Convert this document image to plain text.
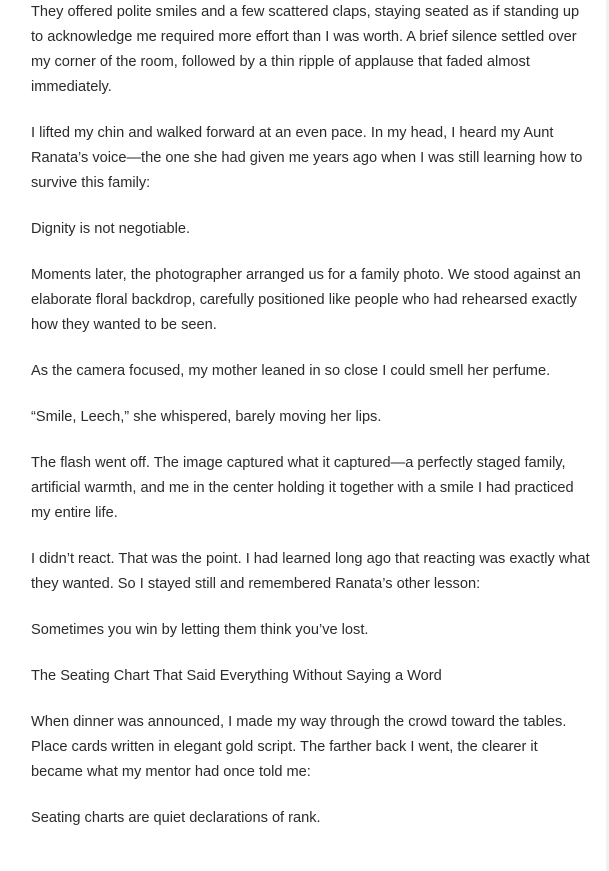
They offered polite smiles and a few scattered claps, staying seated as if standing up to acknowledge me required more effort than I was worth. A brief silence settled over my corner of the room, followed by a thin ripple of applause that faded almost immediately.

I lifted my chin and walked forward at an even pace. In my head, I heard my Aunt Ranata’s voice—the one she had given me years ago when I was still learning how to survive this family:

Dignity is not negotiable.

Moments later, the photographer arranged us for a family photo. We stood against an elaborate floral backdrop, carefully positioned like people who had rehearsed exactly how they wanted to be seen.

As the camera focused, my mother leaned in so close I could smell her perfume.

“Smile, Leech,” she whispered, barely moving her lips.

The flash went off. The image captured what it captured—a perfectly staged family, artificial warmth, and me in the center holding it together with a smile I had practiced my entire life.

I didn’t react. That was the point. I had learned long ago that reacting was exactly what they wanted. So I stayed still and remembered Ranata’s other lesson:

Sometimes you win by letting them think you’ve lost.

The Seating Chart That Said Everything Without Saying a Word

When dinner was announced, I made my way through the crowd toward the tables. Place cards written in elegant gold script. The farther back I went, the clearer it became what my mentor had once told me:

Seating charts are quiet declarations of rank.
